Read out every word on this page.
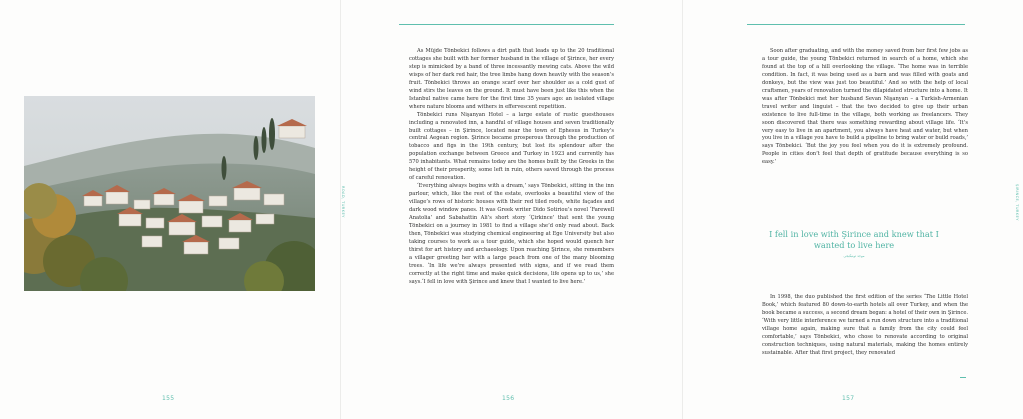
155
ROAD, TURKEY

As Müjde Tönbekici follows a dirt path that leads up to the 20 traditional cottages she built with her former husband in the village of Şirince, her every step is mimicked by a band of three incessantly mewing cats. Above the wild wisps of her dark red hair, the tree limbs hang down heavily with the season’s fruit. Tönbekici throws an orange scarf over her shoulder as a cold gust of wind stirs the leaves on the ground. It must have been just like this when the Istanbul native came here for the first time 35 years ago: an isolated village where nature blooms and withers in effervescent repetition.

Tönbekici runs Nişanyan Hotel – a large estate of rustic guesthouses including a renovated inn, a handful of village houses and seven traditionally built cottages – in Şirince, located near the town of Ephesus in Turkey’s central Aegean region. Şirince became prosperous through the production of tobacco and figs in the 19th century, but lost its splendour after the population exchange between Greece and Turkey in 1923 and currently has 570 inhabitants. What remains today are the homes built by the Greeks in the height of their prosperity, some left in ruin, others saved through the process of careful renovation.

‘Everything always begins with a dream,’ says Tönbekici, sitting in the inn parlour, which, like the rest of the estate, overlooks a beautiful view of the village’s rows of historic houses with their red tiled roofs, white façades and dark wood window panes. It was Greek writer Dido Sotiriou’s novel ‘Farewell Anatolia’ and Sabahattin Ali’s short story ‘Çirkince’ that sent the young Tönbekici on a journey in 1981 to find a village she’d only read about. Back then, Tönbekici was studying chemical engineering at Ege University but also taking courses to work as a tour guide, which she hoped would quench her thirst for art history and archaeology. Upon reaching Şirince, she remembers a villager greeting her with a large peach from one of the many blooming trees. ‘In life we’re always presented with signs, and if we read them correctly at the right time and make quick decisions, life opens up to us,’ she says.‘I fell in love with Şirince and knew that I wanted to live here.’

156
ŞIRINCE, TURKEY

Soon after graduating, and with the money saved from her first few jobs as a tour guide, the young Tönbekici returned in search of a home, which she found at the top of a hill overlooking the village. ‘The home was in terrible condition. In fact, it was being used as a barn and was filled with goats and donkeys, but the view was just too beautiful.’ And so with the help of local craftsmen, years of renovation turned the dilapidated structure into a home. It was after Tönbekici met her husband Sevan Nişanyan – a Turkish-Armenian travel writer and linguist – that the two decided to give up their urban existence to live full-time in the village, both working as freelancers. They soon discovered that there was something rewarding about village life. ‘It’s very easy to live in an apartment, you always have heat and water, but when you live in a village you have to build a pipeline to bring water or build roads,’ says Tönbekici. ‘But the joy you feel when you do it is extremely profound. People in cities don’t feel that depth of gratitude because everything is so easy.’

In 1998, the duo published the first edition of the series ‘The Little Hotel Book,’ which featured 80 down-to-earth hotels all over Turkey, and when the book became a success, a second dream began: a hotel of their own in Şirince. ‘With very little interference we turned a run down structure into a traditional village home again, making sure that a family from the city could feel comfortable,’ says Tönbekici, who chose to renovate according to original construction techniques, using natural materials, making the homes entirely sustainable. After that first project, they renovated

157
I fell in love with Şirince and knew that I wanted to live here
موجد تونبکیجی
